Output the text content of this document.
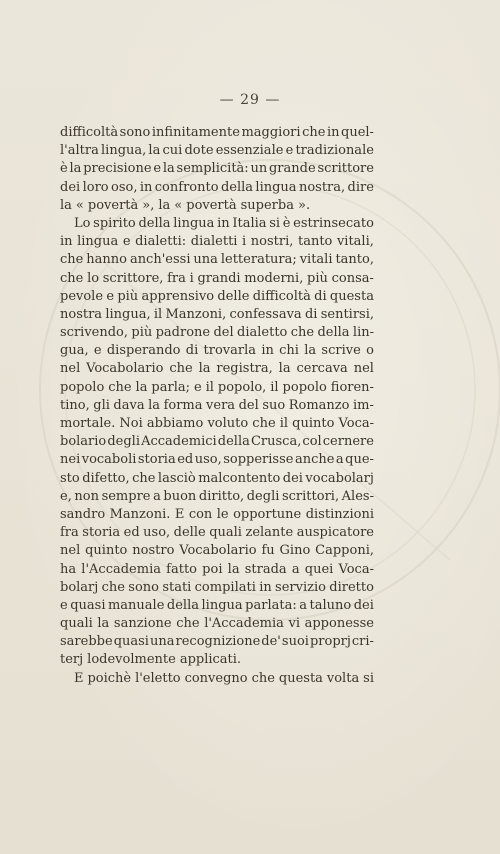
— 29 —
difficoltà sono infinitamente maggiori che in quel-
l'altra lingua, la cui dote essenziale e tradizionale
è la precisione e la semplicità: un grande scrittore
dei loro oso, in confronto della lingua nostra, dire
la « povertà », la « povertà superba ».
Lo spirito della lingua in Italia si è estrinsecato
in lingua e dialetti: dialetti i nostri, tanto vitali,
che hanno anch'essi una letteratura; vitali tanto,
che lo scrittore, fra i grandi moderni, più consa-
pevole e più apprensivo delle difficoltà di questa
nostra lingua, il Manzoni, confessava di sentirsi,
scrivendo, più padrone del dialetto che della lin-
gua, e disperando di trovarla in chi la scrive o
nel Vocabolario che la registra, la cercava nel
popolo che la parla; e il popolo, il popolo fioren-
tino, gli dava la forma vera del suo Romanzo im-
mortale. Noi abbiamo voluto che il quinto Voca-
bolario degli Accademici della Crusca, col cernere
nei vocaboli storia ed uso, sopperisse anche a que-
sto difetto, che lasciò malcontento dei vocabolarj
e, non sempre a buon diritto, degli scrittori, Ales-
sandro Manzoni. E con le opportune distinzioni
fra storia ed uso, delle quali zelante auspicatore
nel quinto nostro Vocabolario fu Gino Capponi,
ha l'Accademia fatto poi la strada a quei Voca-
bolarj che sono stati compilati in servizio diretto
e quasi manuale della lingua parlata: a taluno dei
quali la sanzione che l'Accademia vi apponesse
sarebbe quasi una recognizione de' suoi proprj cri-
terj lodevolmente applicati.
E poichè l'eletto convegno che questa volta si
